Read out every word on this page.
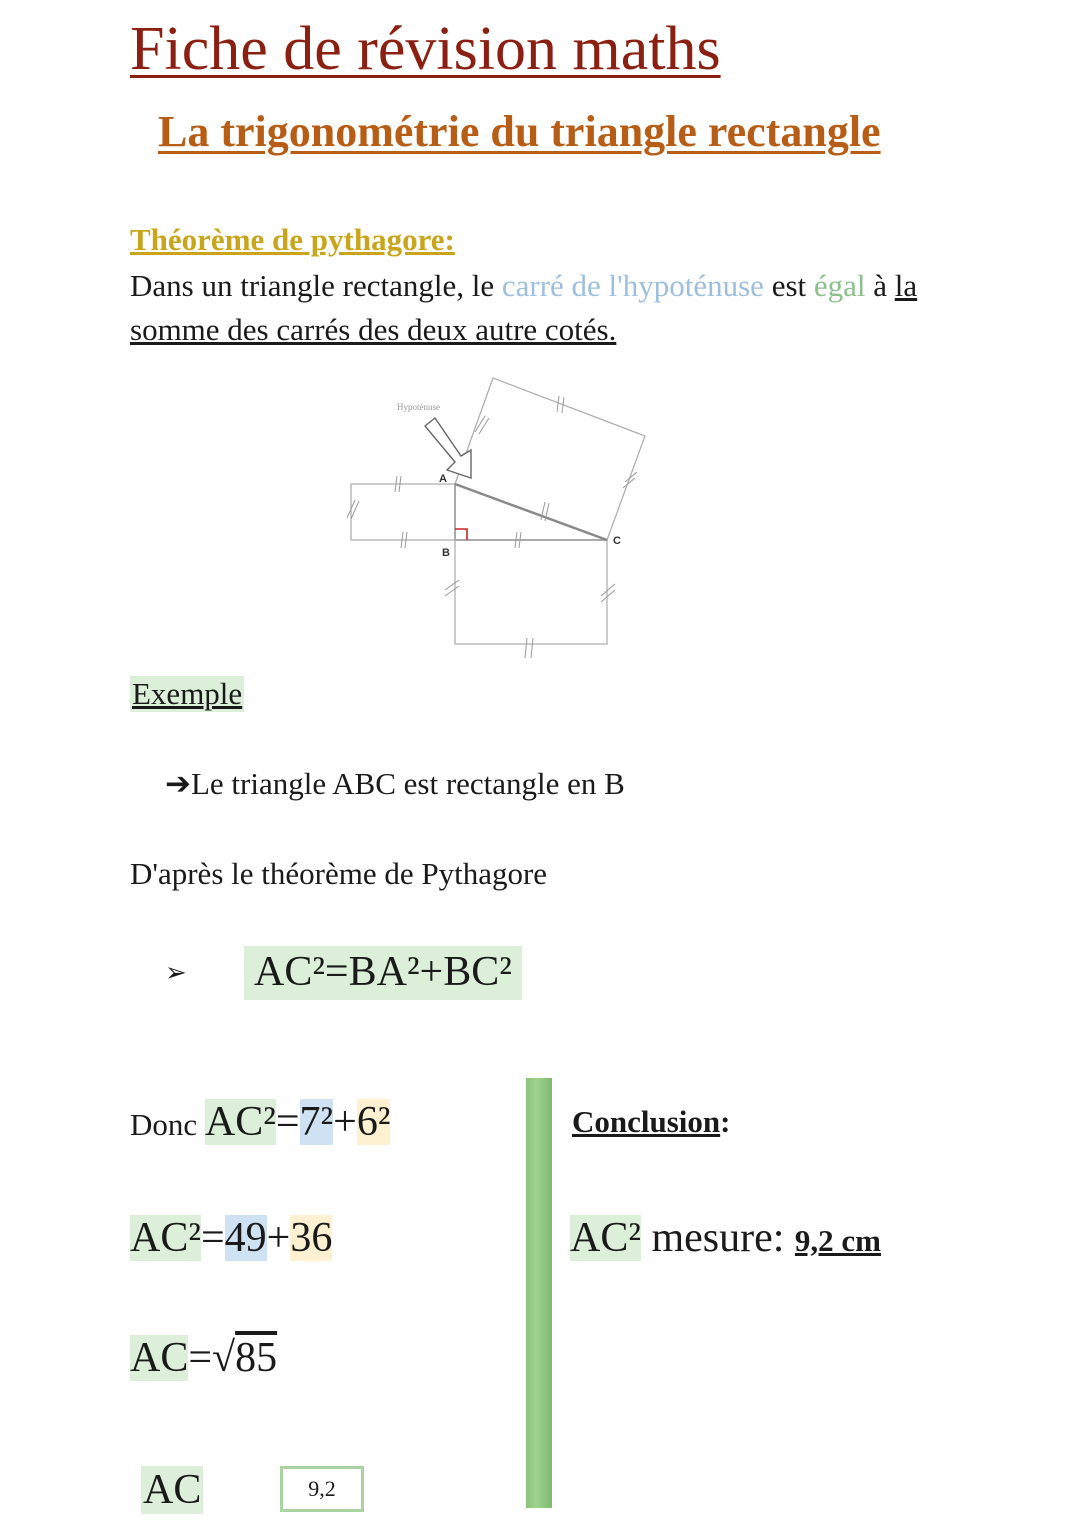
Fiche de révision maths
La trigonométrie du triangle rectangle
Théorème de pythagore:
Dans un triangle rectangle, le carré de l'hypoténuse est égal à la somme des carrés des deux autre cotés.
Hypoténuse
A
B
C
Exemple
➔Le triangle ABC est rectangle en B
D'après le théorème de Pythagore
➢ AC²=BA²+BC²
Donc AC²=7²+6²
AC²=49+36
AC=√85
AC	9,2
Conclusion:
AC² mesure: 9,2 cm
